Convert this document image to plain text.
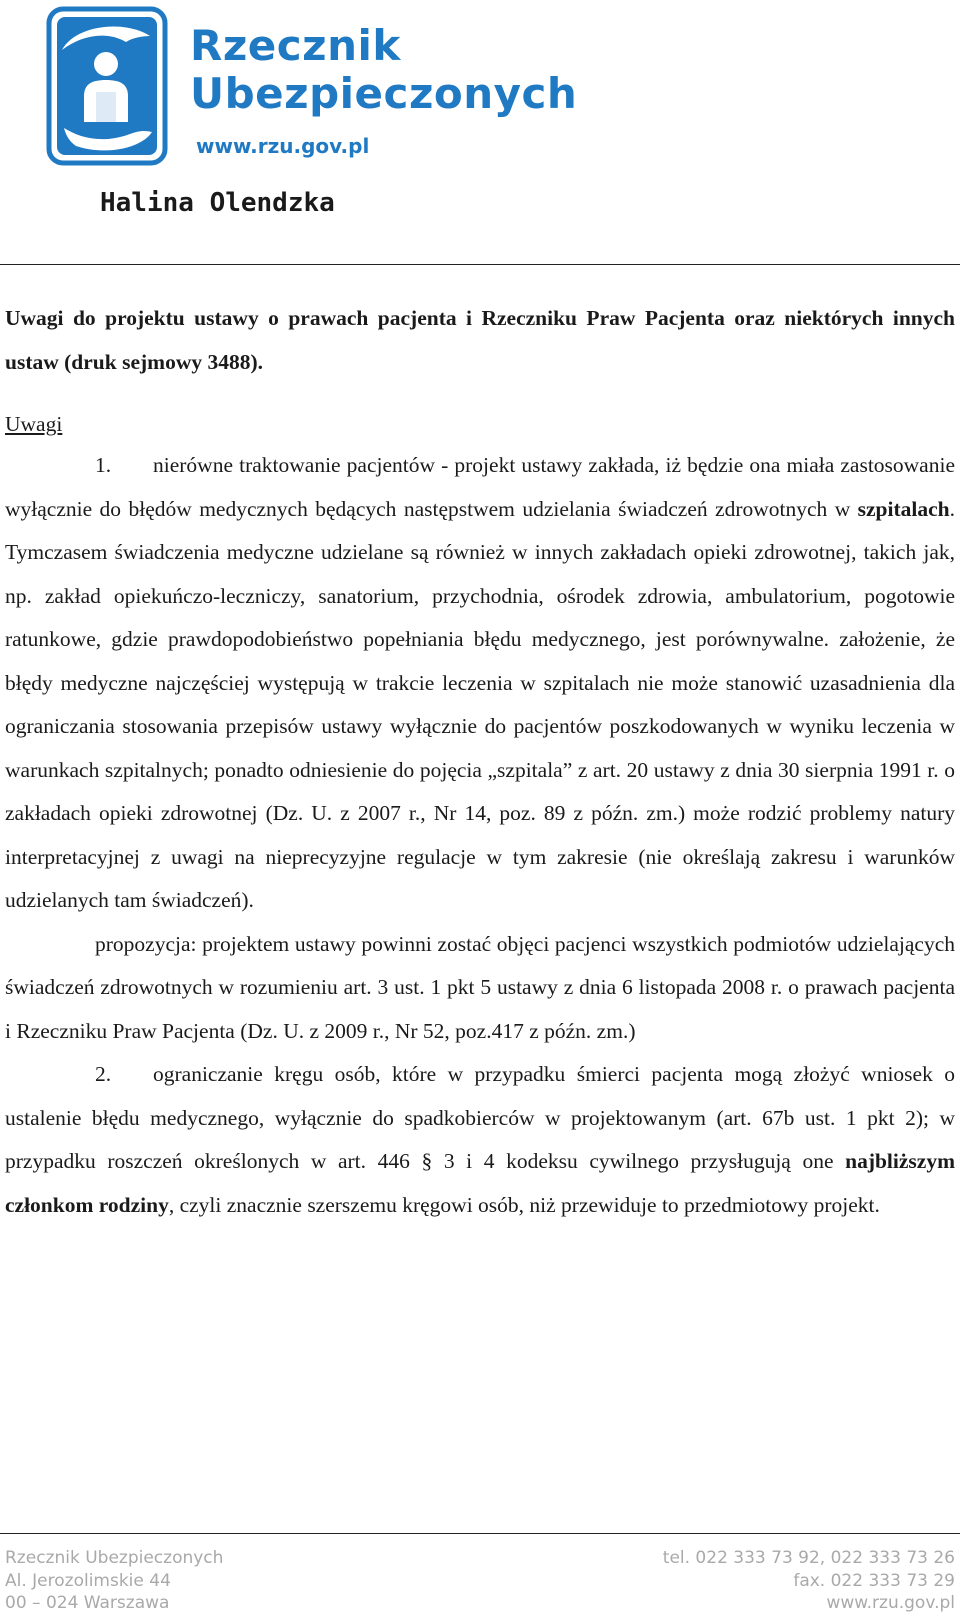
Rzecznik
Ubezpieczonych
www.rzu.gov.pl
Halina Olendzka

Uwagi do projektu ustawy o prawach pacjenta i Rzeczniku Praw Pacjenta oraz niektórych innych ustaw (druk sejmowy 3488).

Uwagi

1. nierówne traktowanie pacjentów - projekt ustawy zakłada, iż będzie ona miała zastosowanie wyłącznie do błędów medycznych będących następstwem udzielania świadczeń zdrowotnych w szpitalach. Tymczasem świadczenia medyczne udzielane są również w innych zakładach opieki zdrowotnej, takich jak, np. zakład opiekuńczo-leczniczy, sanatorium, przychodnia, ośrodek zdrowia, ambulatorium, pogotowie ratunkowe, gdzie prawdopodobieństwo popełniania błędu medycznego, jest porównywalne. założenie, że błędy medyczne najczęściej występują w trakcie leczenia w szpitalach nie może stanowić uzasadnienia dla ograniczania stosowania przepisów ustawy wyłącznie do pacjentów poszkodowanych w wyniku leczenia w warunkach szpitalnych; ponadto odniesienie do pojęcia „szpitala” z art. 20 ustawy z dnia 30 sierpnia 1991 r. o zakładach opieki zdrowotnej (Dz. U. z 2007 r., Nr 14, poz. 89 z późn. zm.) może rodzić problemy natury interpretacyjnej z uwagi na nieprecyzyjne regulacje w tym zakresie (nie określają zakresu i warunków udzielanych tam świadczeń).

propozycja: projektem ustawy powinni zostać objęci pacjenci wszystkich podmiotów udzielających świadczeń zdrowotnych w rozumieniu art. 3 ust. 1 pkt 5 ustawy z dnia 6 listopada 2008 r. o prawach pacjenta i Rzeczniku Praw Pacjenta (Dz. U. z 2009 r., Nr 52, poz.417 z późn. zm.)

2. ograniczanie kręgu osób, które w przypadku śmierci pacjenta mogą złożyć wniosek o ustalenie błędu medycznego, wyłącznie do spadkobierców w projektowanym (art. 67b ust. 1 pkt 2); w przypadku roszczeń określonych w art. 446 § 3 i 4 kodeksu cywilnego przysługują one najbliższym członkom rodziny, czyli znacznie szerszemu kręgowi osób, niż przewiduje to przedmiotowy projekt.

Rzecznik Ubezpieczonych
Al. Jerozolimskie 44
00 – 024 Warszawa
tel. 022 333 73 92, 022 333 73 26
fax. 022 333 73 29
www.rzu.gov.pl
